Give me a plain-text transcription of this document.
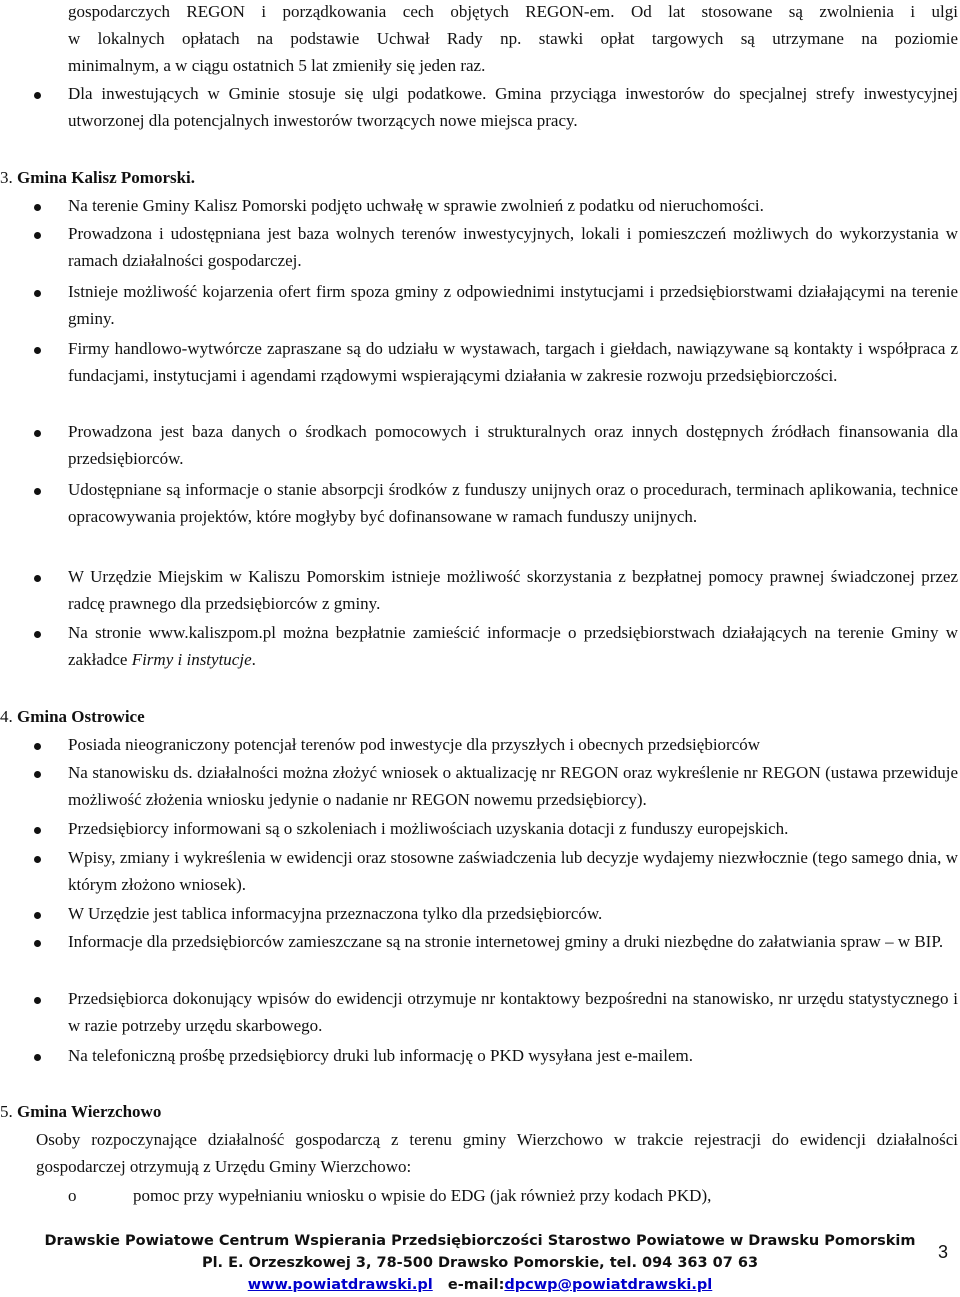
gospodarczych REGON i porządkowania cech objętych REGON-em. Od lat stosowane są zwolnienia i ulgi

w lokalnych opłatach na podstawie Uchwał Rady np. stawki opłat targowych są utrzymane na poziomie

minimalnym, a w ciągu ostatnich 5 lat zmieniły się jeden raz.

Dla inwestujących w Gminie stosuje się ulgi podatkowe. Gmina przyciąga inwestorów do specjalnej strefy inwestycyjnej utworzonej dla potencjalnych inwestorów tworzących nowe miejsca pracy.

3. Gmina Kalisz Pomorski.

Na terenie Gminy Kalisz Pomorski podjęto uchwałę w sprawie zwolnień z podatku od nieruchomości.

Prowadzona i udostępniana jest baza wolnych terenów inwestycyjnych, lokali i pomieszczeń możliwych do wykorzystania w ramach działalności gospodarczej.

Istnieje możliwość kojarzenia ofert firm spoza gminy z odpowiednimi instytucjami i przedsiębiorstwami działającymi na terenie gminy.

Firmy handlowo-wytwórcze zapraszane są do udziału w wystawach, targach i giełdach, nawiązywane są kontakty i współpraca z fundacjami, instytucjami i agendami rządowymi wspierającymi działania w zakresie rozwoju przedsiębiorczości.

Prowadzona jest baza danych o środkach pomocowych i strukturalnych oraz innych dostępnych źródłach finansowania dla przedsiębiorców.

Udostępniane są informacje o stanie absorpcji środków z funduszy unijnych oraz o procedurach, terminach aplikowania, technice opracowywania projektów, które mogłyby być dofinansowane w ramach funduszy unijnych.

W Urzędzie Miejskim w Kaliszu Pomorskim istnieje możliwość skorzystania z bezpłatnej pomocy prawnej świadczonej przez radcę prawnego dla przedsiębiorców z gminy.

Na stronie www.kaliszpom.pl można bezpłatnie zamieścić informacje o przedsiębiorstwach działających na terenie Gminy w zakładce Firmy i instytucje.

4. Gmina Ostrowice

Posiada nieograniczony potencjał terenów pod inwestycje dla przyszłych i obecnych przedsiębiorców

Na stanowisku ds. działalności można złożyć wniosek o aktualizację nr REGON oraz wykreślenie nr REGON (ustawa przewiduje możliwość złożenia wniosku jedynie o nadanie nr REGON nowemu przedsiębiorcy).

Przedsiębiorcy informowani są o szkoleniach i możliwościach uzyskania dotacji z funduszy europejskich.

Wpisy, zmiany i wykreślenia w ewidencji oraz stosowne zaświadczenia lub decyzje wydajemy niezwłocznie (tego samego dnia, w którym złożono wniosek).

W Urzędzie jest tablica informacyjna przeznaczona tylko dla przedsiębiorców.

Informacje dla przedsiębiorców zamieszczane są na stronie internetowej gminy a druki niezbędne do załatwiania spraw – w BIP.

Przedsiębiorca dokonujący wpisów do ewidencji otrzymuje nr kontaktowy bezpośredni na stanowisko, nr urzędu statystycznego i w razie potrzeby urzędu skarbowego.

Na telefoniczną prośbę przedsiębiorcy druki lub informację o PKD wysyłana jest e-mailem.

5. Gmina Wierzchowo

Osoby rozpoczynające działalność gospodarczą z terenu gminy Wierzchowo w trakcie rejestracji do ewidencji działalności gospodarczej otrzymują z Urzędu Gminy Wierzchowo:

o	pomoc przy wypełnianiu wniosku o wpisie do EDG (jak również przy kodach PKD),
Drawskie Powiatowe Centrum Wspierania Przedsiębiorczości Starostwo Powiatowe w Drawsku Pomorskim
Pl. E. Orzeszkowej 3, 78-500 Drawsko Pomorskie, tel. 094 363 07 63
www.powiatdrawski.pl e-mail:dpcwp@powiatdrawski.pl
3
